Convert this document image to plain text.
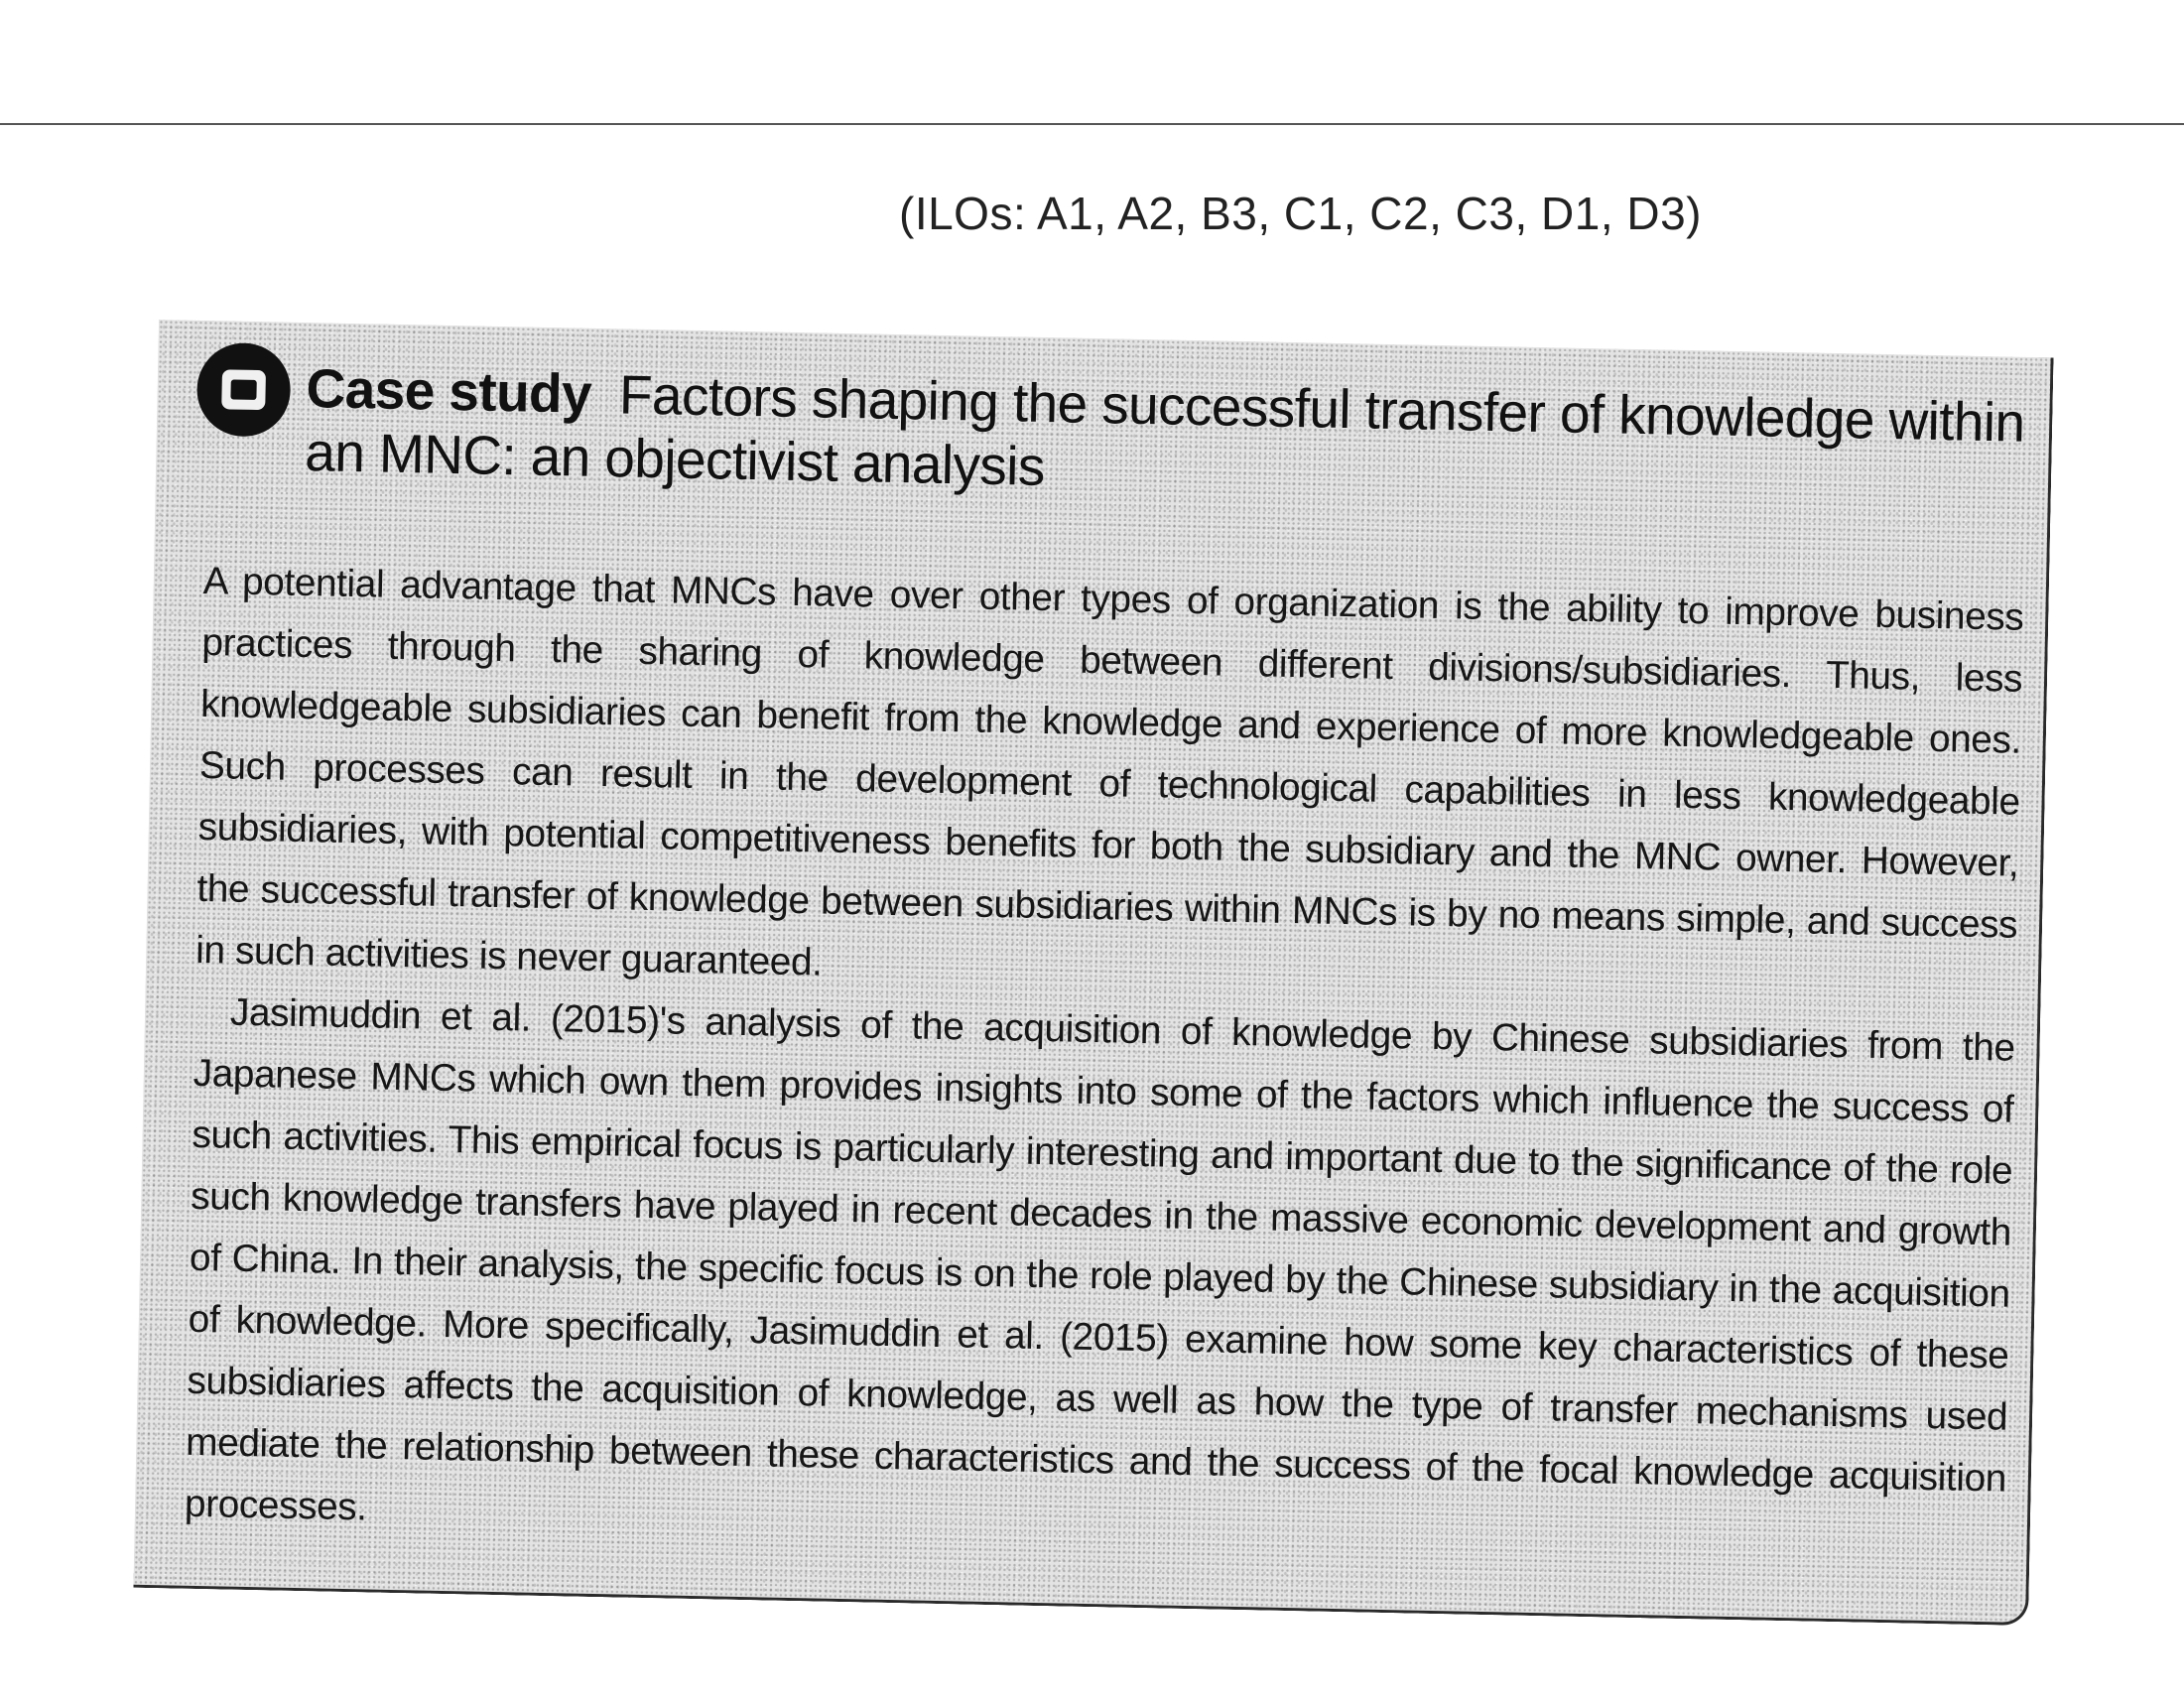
(ILOs: A1, A2, B3, C1, C2, C3, D1, D3)
Case study Factors shaping the successful transfer of knowledge within an MNC: an objectivist analysis

A potential advantage that MNCs have over other types of organization is the ability to improve business practices through the sharing of knowledge between different divisions/subsidiaries. Thus, less knowledgeable subsidiaries can benefit from the knowledge and experience of more knowledgeable ones. Such processes can result in the development of technological capabilities in less knowledgeable subsidiaries, with potential competitiveness benefits for both the subsidiary and the MNC owner. However, the successful transfer of knowledge between subsidiaries within MNCs is by no means simple, and success in such activities is never guaranteed.

Jasimuddin et al. (2015)'s analysis of the acquisition of knowledge by Chinese subsidiaries from the Japanese MNCs which own them provides insights into some of the factors which influence the success of such activities. This empirical focus is particularly interesting and important due to the significance of the role such knowledge transfers have played in recent decades in the massive economic development and growth of China. In their analysis, the specific focus is on the role played by the Chinese subsidiary in the acquisition of knowledge. More specifically, Jasimuddin et al. (2015) examine how some key characteristics of these subsidiaries affects the acquisition of knowledge, as well as how the type of transfer mechanisms used mediate the relationship between these characteristics and the success of the focal knowledge acquisition processes.
